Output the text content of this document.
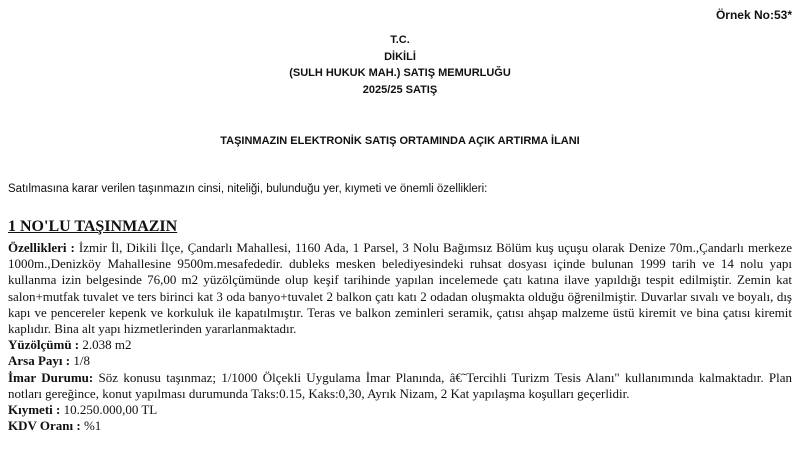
Örnek No:53*
T.C.
DİKİLİ
(SULH HUKUK MAH.) SATIŞ MEMURLUĞU
2025/25 SATIŞ
TAŞINMAZIN ELEKTRONİK SATIŞ ORTAMINDA AÇIK ARTIRMA İLANI
Satılmasına karar verilen taşınmazın cinsi, niteliği, bulunduğu yer, kıymeti ve önemli özellikleri:
1 NO'LU TAŞINMAZIN

Özellikleri : İzmir İl, Dikili İlçe, Çandarlı Mahallesi, 1160 Ada, 1 Parsel, 3 Nolu Bağımsız Bölüm kuş uçuşu olarak Denize 70m.,Çandarlı merkeze 1000m.,Denizköy Mahallesine 9500m.mesafededir. dubleks mesken belediyesindeki ruhsat dosyası içinde bulunan 1999 tarih ve 14 nolu yapı kullanma izin belgesinde 76,00 m2 yüzölçümünde olup keşif tarihinde yapılan incelemede çatı katına ilave yapıldığı tespit edilmiştir. Zemin kat salon+mutfak tuvalet ve ters birinci kat 3 oda banyo+tuvalet 2 balkon çatı katı 2 odadan oluşmakta olduğu öğrenilmiştir. Duvarlar sıvalı ve boyalı, dış kapı ve pencereler kepenk ve korkuluk ile kapatılmıştır. Teras ve balkon zeminleri seramik, çatısı ahşap malzeme üstü kiremit ve bina çatısı kiremit kaplıdır. Bina alt yapı hizmetlerinden yararlanmaktadır.

Yüzölçümü : 2.038 m2

Arsa Payı : 1/8

İmar Durumu: Söz konusu taşınmaz; 1/1000 Ölçekli Uygulama İmar Planında, â€˜Tercihli Turizm Tesis Alanı" kullanımında kalmaktadır. Plan notları gereğince, konut yapılması durumunda Taks:0.15, Kaks:0,30, Ayrık Nizam, 2 Kat yapılaşma koşulları geçerlidir.

Kıymeti : 10.250.000,00 TL

KDV Oranı : %1
